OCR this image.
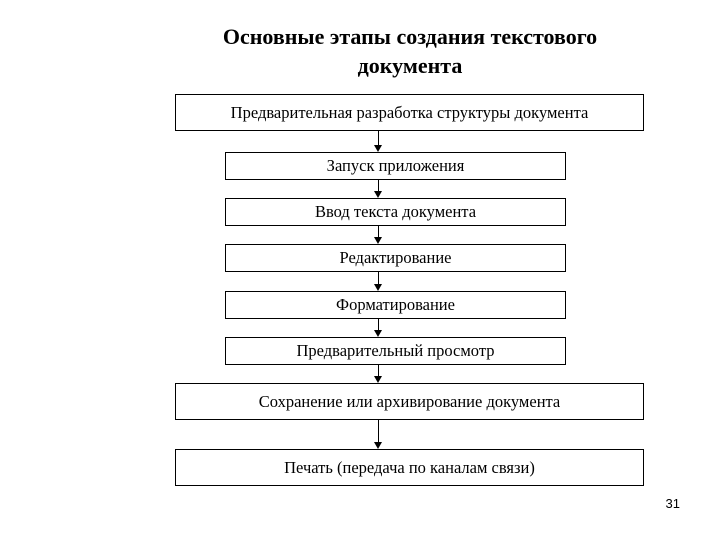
Основные этапы создания текстового
документа
Предварительная разработка структуры документа
Запуск приложения
Ввод текста документа
Редактирование
Форматирование
Предварительный просмотр
Сохранение или архивирование документа
Печать (передача по каналам связи)
31
